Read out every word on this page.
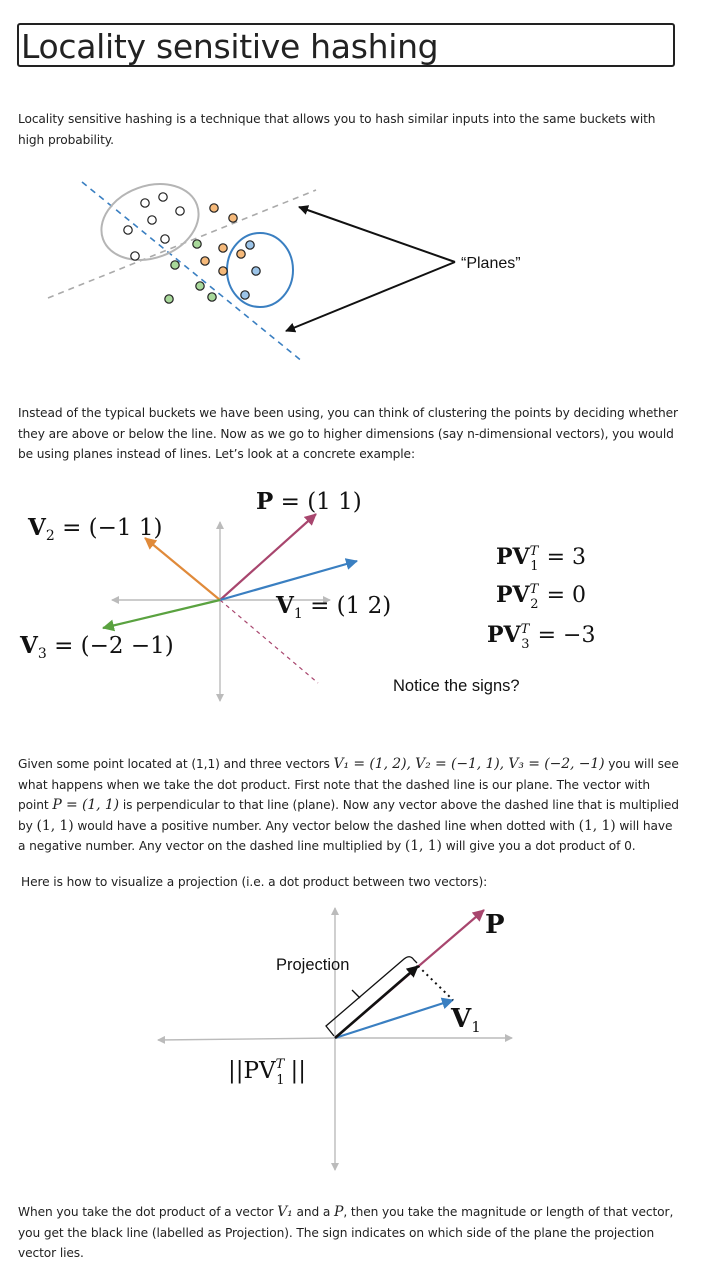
Locality sensitive hashing
Locality sensitive hashing is a technique that allows you to hash similar inputs into the same buckets with high probability.
“Planes”
Instead of the typical buckets we have been using, you can think of clustering the points by deciding whether they are above or below the line. Now as we go to higher dimensions (say n-dimensional vectors), you would be using planes instead of lines. Let’s look at a concrete example:
P = (1 1)
$V_2 = (-1$ 1)
$V_1 = (1$ 2)
$V_3 = (-2 -1)$
$PV^T$ 1 = 3
$PV^T$ 2 = 0
$PV^T$ 3 = −3
Notice the signs?
Given some point located at (1,1) and three vectors V₁ = (1, 2), V₂ = (−1, 1), V₃ = (−2, −1) you will see what happens when we take the dot product. First note that the dashed line is our plane. The vector with point P = (1, 1) is perpendicular to that line (plane). Now any vector above the dashed line that is multiplied by (1, 1) would have a positive number. Any vector below the dashed line when dotted with (1, 1) will have a negative number. Any vector on the dashed line multiplied by (1, 1) will give you a dot product of 0.
Here is how to visualize a projection (i.e. a dot product between two vectors):
Projection
P
V1
$||PV^T$ 1 ||
When you take the dot product of a vector V₁ and a P, then you take the magnitude or length of that vector, you get the black line (labelled as Projection). The sign indicates on which side of the plane the projection vector lies.
